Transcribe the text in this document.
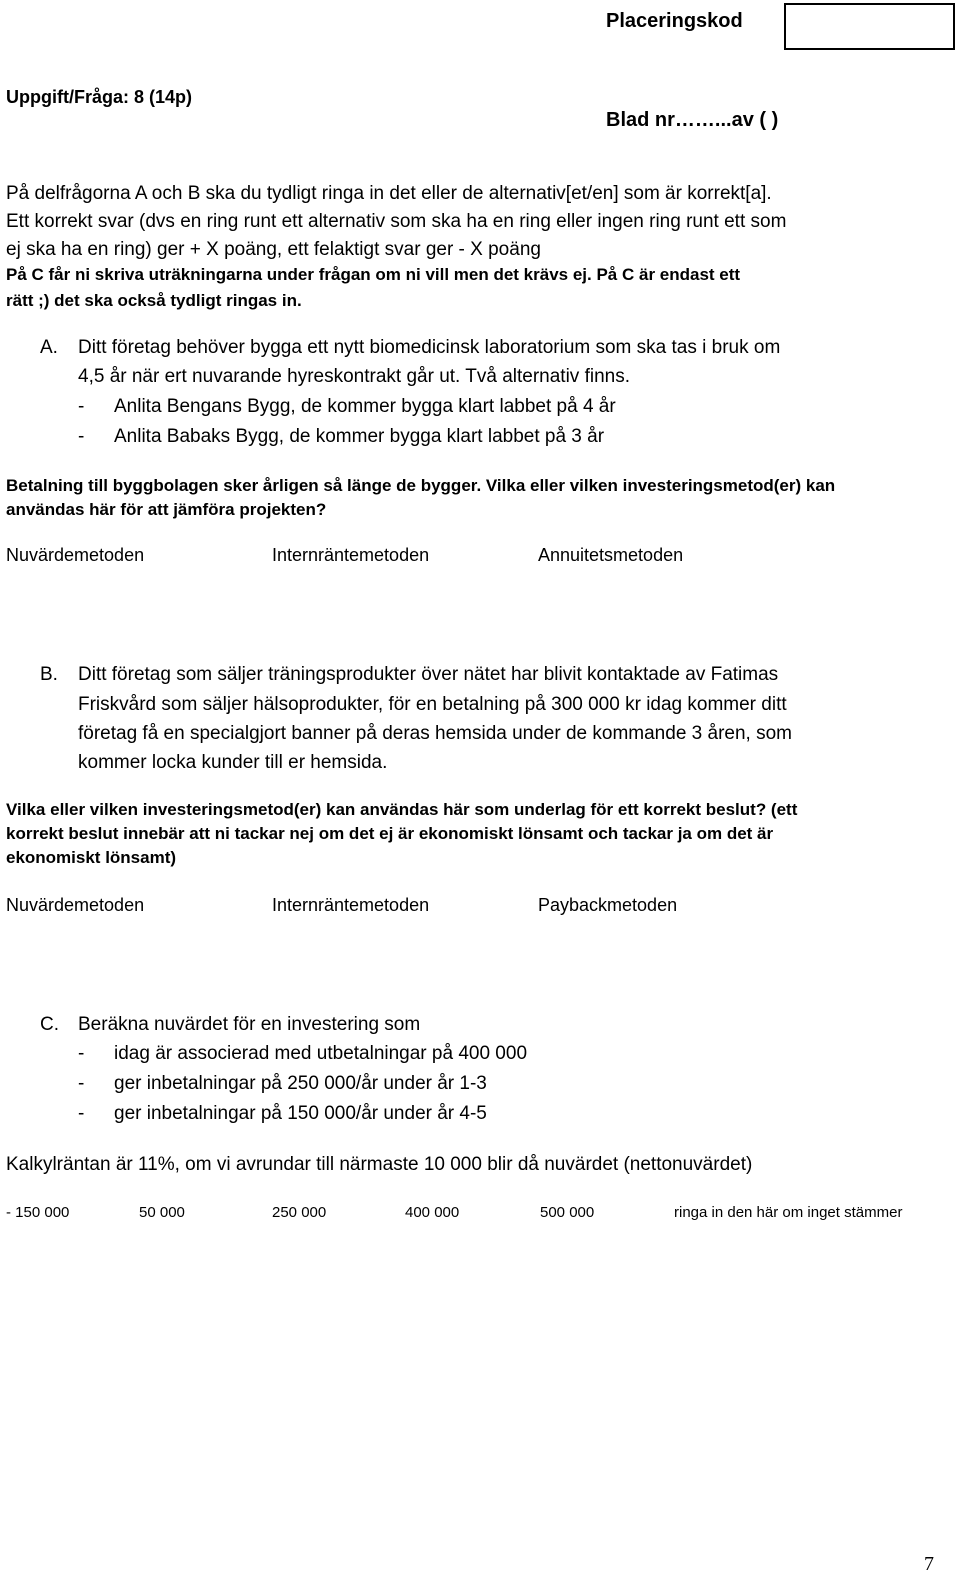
Placeringskod
Uppgift/Fråga: 8 (14p)
Blad nr……...av ( )
På delfrågorna A och B ska du tydligt ringa in det eller de alternativ[et/en] som är korrekt[a].
Ett korrekt svar (dvs en ring runt ett alternativ som ska ha en ring eller ingen ring runt ett som
ej ska ha en ring) ger + X poäng, ett felaktigt svar ger - X poäng
På C får ni skriva uträkningarna under frågan om ni vill men det krävs ej. På C är endast ett
rätt ;) det ska också tydligt ringas in.
A. Ditt företag behöver bygga ett nytt biomedicinsk laboratorium som ska tas i bruk om
4,5 år när ert nuvarande hyreskontrakt går ut. Två alternativ finns.
- Anlita Bengans Bygg, de kommer bygga klart labbet på 4 år
- Anlita Babaks Bygg, de kommer bygga klart labbet på 3 år
Betalning till byggbolagen sker årligen så länge de bygger. Vilka eller vilken investeringsmetod(er) kan
användas här för att jämföra projekten?
Nuvärdemetoden	Internräntemetoden	Annuitetsmetoden
B. Ditt företag som säljer träningsprodukter över nätet har blivit kontaktade av Fatimas
Friskvård som säljer hälsoprodukter, för en betalning på 300 000 kr idag kommer ditt
företag få en specialgjort banner på deras hemsida under de kommande 3 åren, som
kommer locka kunder till er hemsida.
Vilka eller vilken investeringsmetod(er) kan användas här som underlag för ett korrekt beslut? (ett
korrekt beslut innebär att ni tackar nej om det ej är ekonomiskt lönsamt och tackar ja om det är
ekonomiskt lönsamt)
Nuvärdemetoden	Internräntemetoden	Paybackmetoden
C. Beräkna nuvärdet för en investering som
- idag är associerad med utbetalningar på 400 000
- ger inbetalningar på 250 000/år under år 1-3
- ger inbetalningar på 150 000/år under år 4-5
Kalkylräntan är 11%, om vi avrundar till närmaste 10 000 blir då nuvärdet (nettonuvärdet)
- 150 000	50 000	250 000	400 000	500 000	ringa in den här om inget stämmer
7
